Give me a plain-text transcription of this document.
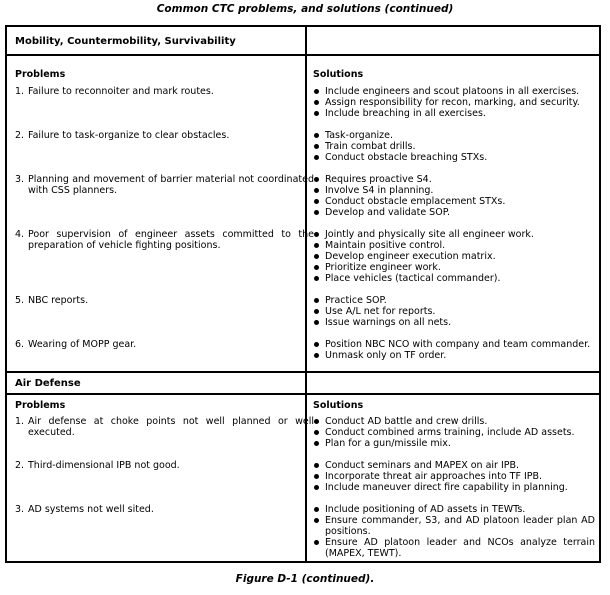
Common CTC problems, and solutions (continued)
Mobility, Countermobility, Survivability
Problems
1. Failure to reconnoiter and mark routes.
2. Failure to task-organize to clear obstacles.
3. Planning and movement of barrier material not coordinated with CSS planners.
4. Poor supervision of engineer assets committed to the preparation of vehicle fighting positions.
5. NBC reports.
6. Wearing of MOPP gear.
Solutions
Include engineers and scout platoons in all exercises.
Assign responsibility for recon, marking, and security.
Include breaching in all exercises.
Task-organize.
Train combat drills.
Conduct obstacle breaching STXs.
Requires proactive S4.
Involve S4 in planning.
Conduct obstacle emplacement STXs.
Develop and validate SOP.
Jointly and physically site all engineer work.
Maintain positive control.
Develop engineer execution matrix.
Prioritize engineer work.
Place vehicles (tactical commander).
Practice SOP.
Use A/L net for reports.
Issue warnings on all nets.
Position NBC NCO with company and team commander.
Unmask only on TF order.
Air Defense
Problems
1. Air defense at choke points not well planned or well executed.
2. Third-dimensional IPB not good.
3. AD systems not well sited.
Solutions
Conduct AD battle and crew drills.
Conduct combined arms training, include AD assets.
Plan for a gun/missile mix.
Conduct seminars and MAPEX on air IPB.
Incorporate threat air approaches into TF IPB.
Include maneuver direct fire capability in planning.
Include positioning of AD assets in TEWTs.
Ensure commander, S3, and AD platoon leader plan AD positions.
Ensure AD platoon leader and NCOs analyze terrain (MAPEX, TEWT).
Figure D-1 (continued).
